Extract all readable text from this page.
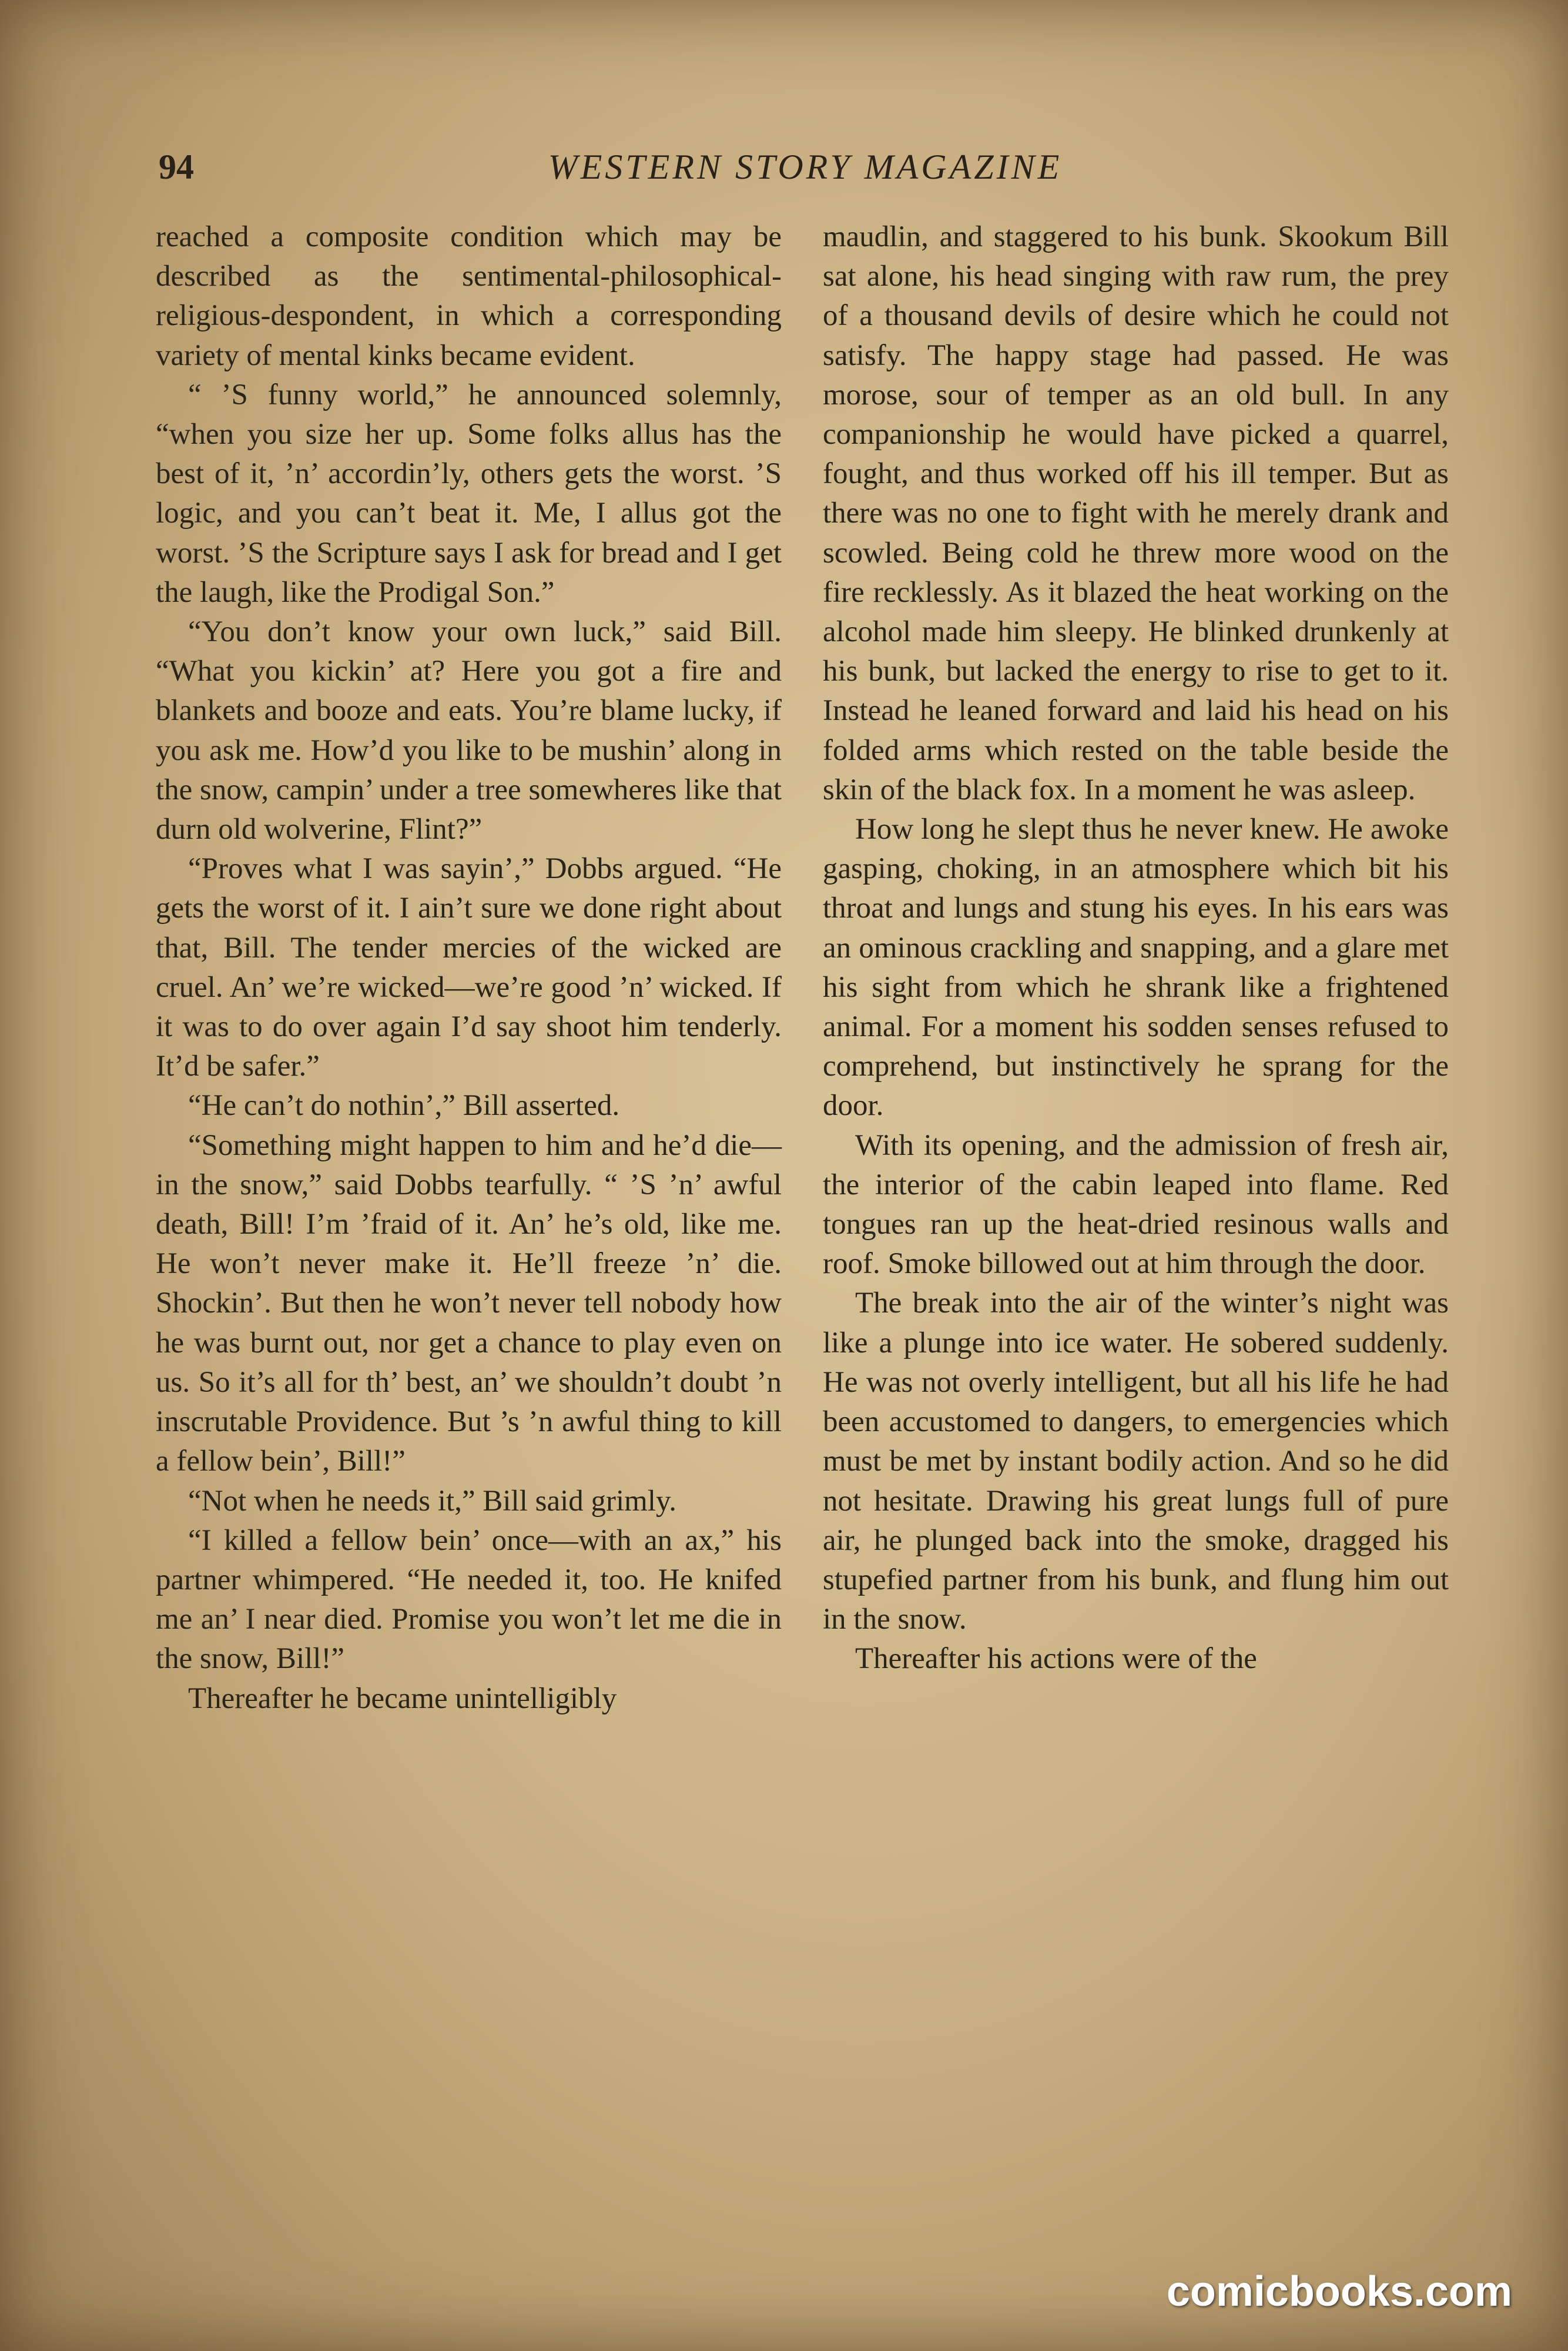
94	WESTERN STORY MAGAZINE

reached a composite condition which may be described as the sentimental-philosophical-religious-despondent, in which a corresponding variety of mental kinks became evident.

“ ’S funny world,” he announced solemnly, “when you size her up. Some folks allus has the best of it, ’n’ accordin’ly, others gets the worst. ’S logic, and you can’t beat it. Me, I allus got the worst. ’S the Scripture says I ask for bread and I get the laugh, like the Prodigal Son.”

“You don’t know your own luck,” said Bill. “What you kickin’ at? Here you got a fire and blankets and booze and eats. You’re blame lucky, if you ask me. How’d you like to be mushin’ along in the snow, campin’ under a tree somewheres like that durn old wolverine, Flint?”

“Proves what I was sayin’,” Dobbs argued. “He gets the worst of it. I ain’t sure we done right about that, Bill. The tender mercies of the wicked are cruel. An’ we’re wicked—we’re good ’n’ wicked. If it was to do over again I’d say shoot him tenderly. It’d be safer.”

“He can’t do nothin’,” Bill asserted.

“Something might happen to him and he’d die—in the snow,” said Dobbs tearfully. “ ’S ’n’ awful death, Bill! I’m ’fraid of it. An’ he’s old, like me. He won’t never make it. He’ll freeze ’n’ die. Shockin’. But then he won’t never tell nobody how he was burnt out, nor get a chance to play even on us. So it’s all for th’ best, an’ we shouldn’t doubt ’n inscrutable Providence. But ’s ’n awful thing to kill a fellow bein’, Bill!”

“Not when he needs it,” Bill said grimly.

“I killed a fellow bein’ once—with an ax,” his partner whimpered. “He needed it, too. He knifed me an’ I near died. Promise you won’t let me die in the snow, Bill!”

Thereafter he became unintelligibly

maudlin, and staggered to his bunk. Skookum Bill sat alone, his head singing with raw rum, the prey of a thousand devils of desire which he could not satisfy. The happy stage had passed. He was morose, sour of temper as an old bull. In any companionship he would have picked a quarrel, fought, and thus worked off his ill temper. But as there was no one to fight with he merely drank and scowled. Being cold he threw more wood on the fire recklessly. As it blazed the heat working on the alcohol made him sleepy. He blinked drunkenly at his bunk, but lacked the energy to rise to get to it. Instead he leaned forward and laid his head on his folded arms which rested on the table beside the skin of the black fox. In a moment he was asleep.

How long he slept thus he never knew. He awoke gasping, choking, in an atmosphere which bit his throat and lungs and stung his eyes. In his ears was an ominous crackling and snapping, and a glare met his sight from which he shrank like a frightened animal. For a moment his sodden senses refused to comprehend, but instinctively he sprang for the door.

With its opening, and the admission of fresh air, the interior of the cabin leaped into flame. Red tongues ran up the heat-dried resinous walls and roof. Smoke billowed out at him through the door.

The break into the air of the winter’s night was like a plunge into ice water. He sobered suddenly. He was not overly intelligent, but all his life he had been accustomed to dangers, to emergencies which must be met by instant bodily action. And so he did not hesitate. Drawing his great lungs full of pure air, he plunged back into the smoke, dragged his stupefied partner from his bunk, and flung him out in the snow.

Thereafter his actions were of the

comicbooks.com
